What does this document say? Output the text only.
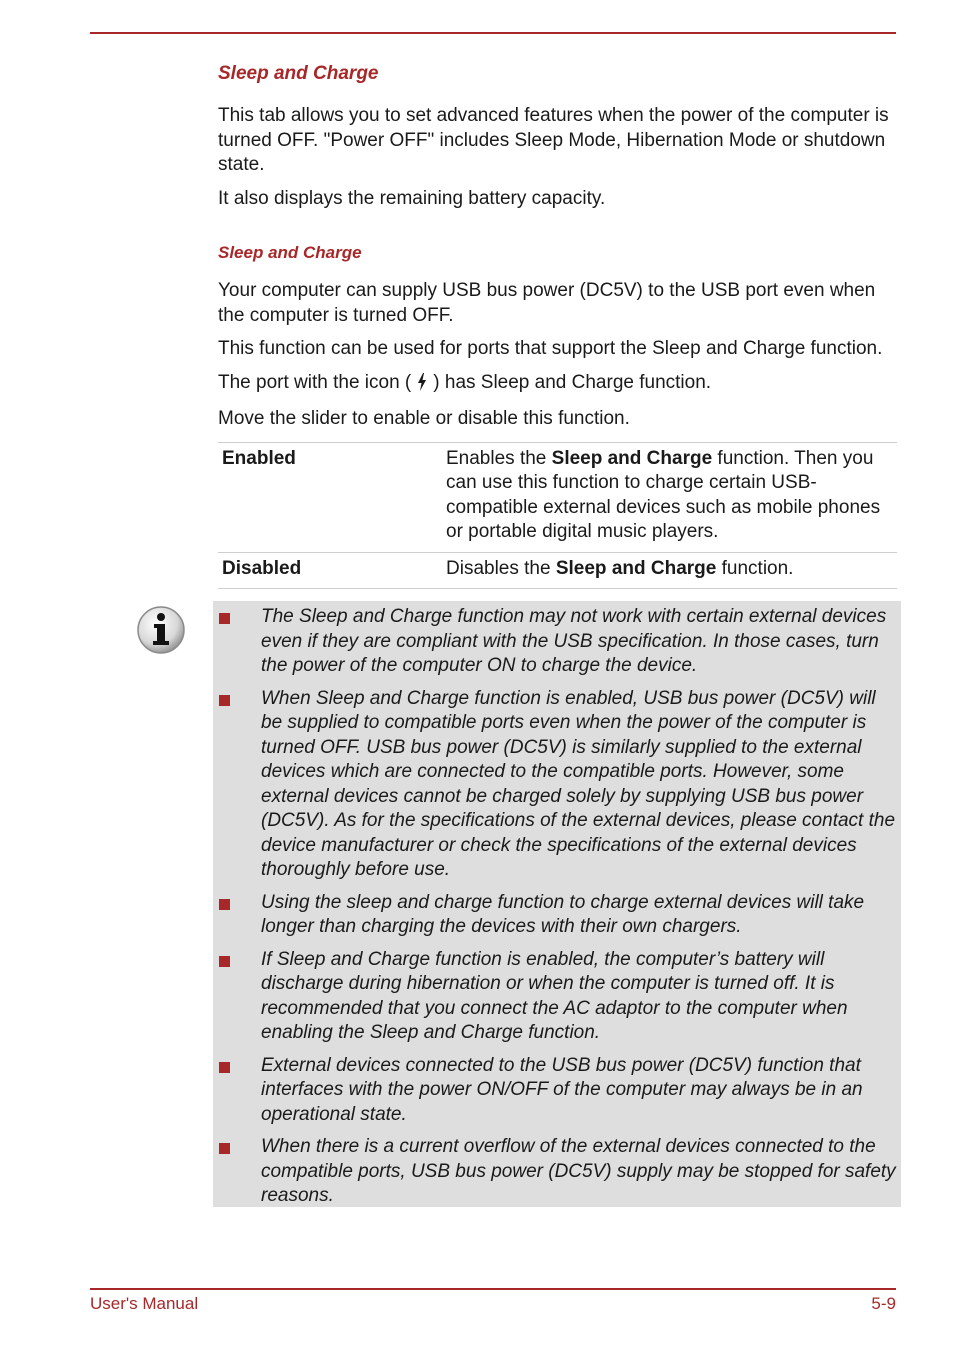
Sleep and Charge

This tab allows you to set advanced features when the power of the computer is turned OFF. "Power OFF" includes Sleep Mode, Hibernation Mode or shutdown state.

It also displays the remaining battery capacity.

Sleep and Charge

Your computer can supply USB bus power (DC5V) to the USB port even when the computer is turned OFF.

This function can be used for ports that support the Sleep and Charge function.

The port with the icon ( ) has Sleep and Charge function.

Move the slider to enable or disable this function.

Enabled	Enables the Sleep and Charge function. Then you can use this function to charge certain USB-compatible external devices such as mobile phones or portable digital music players.
Disabled	Disables the Sleep and Charge function.
The Sleep and Charge function may not work with certain external devices even if they are compliant with the USB specification. In those cases, turn the power of the computer ON to charge the device.
When Sleep and Charge function is enabled, USB bus power (DC5V) will be supplied to compatible ports even when the power of the computer is turned OFF. USB bus power (DC5V) is similarly supplied to the external devices which are connected to the compatible ports. However, some external devices cannot be charged solely by supplying USB bus power (DC5V). As for the specifications of the external devices, please contact the device manufacturer or check the specifications of the external devices thoroughly before use.
Using the sleep and charge function to charge external devices will take longer than charging the devices with their own chargers.
If Sleep and Charge function is enabled, the computer’s battery will discharge during hibernation or when the computer is turned off. It is recommended that you connect the AC adaptor to the computer when enabling the Sleep and Charge function.
External devices connected to the USB bus power (DC5V) function that interfaces with the power ON/OFF of the computer may always be in an operational state.
When there is a current overflow of the external devices connected to the compatible ports, USB bus power (DC5V) supply may be stopped for safety reasons.
User's Manual	5-9
